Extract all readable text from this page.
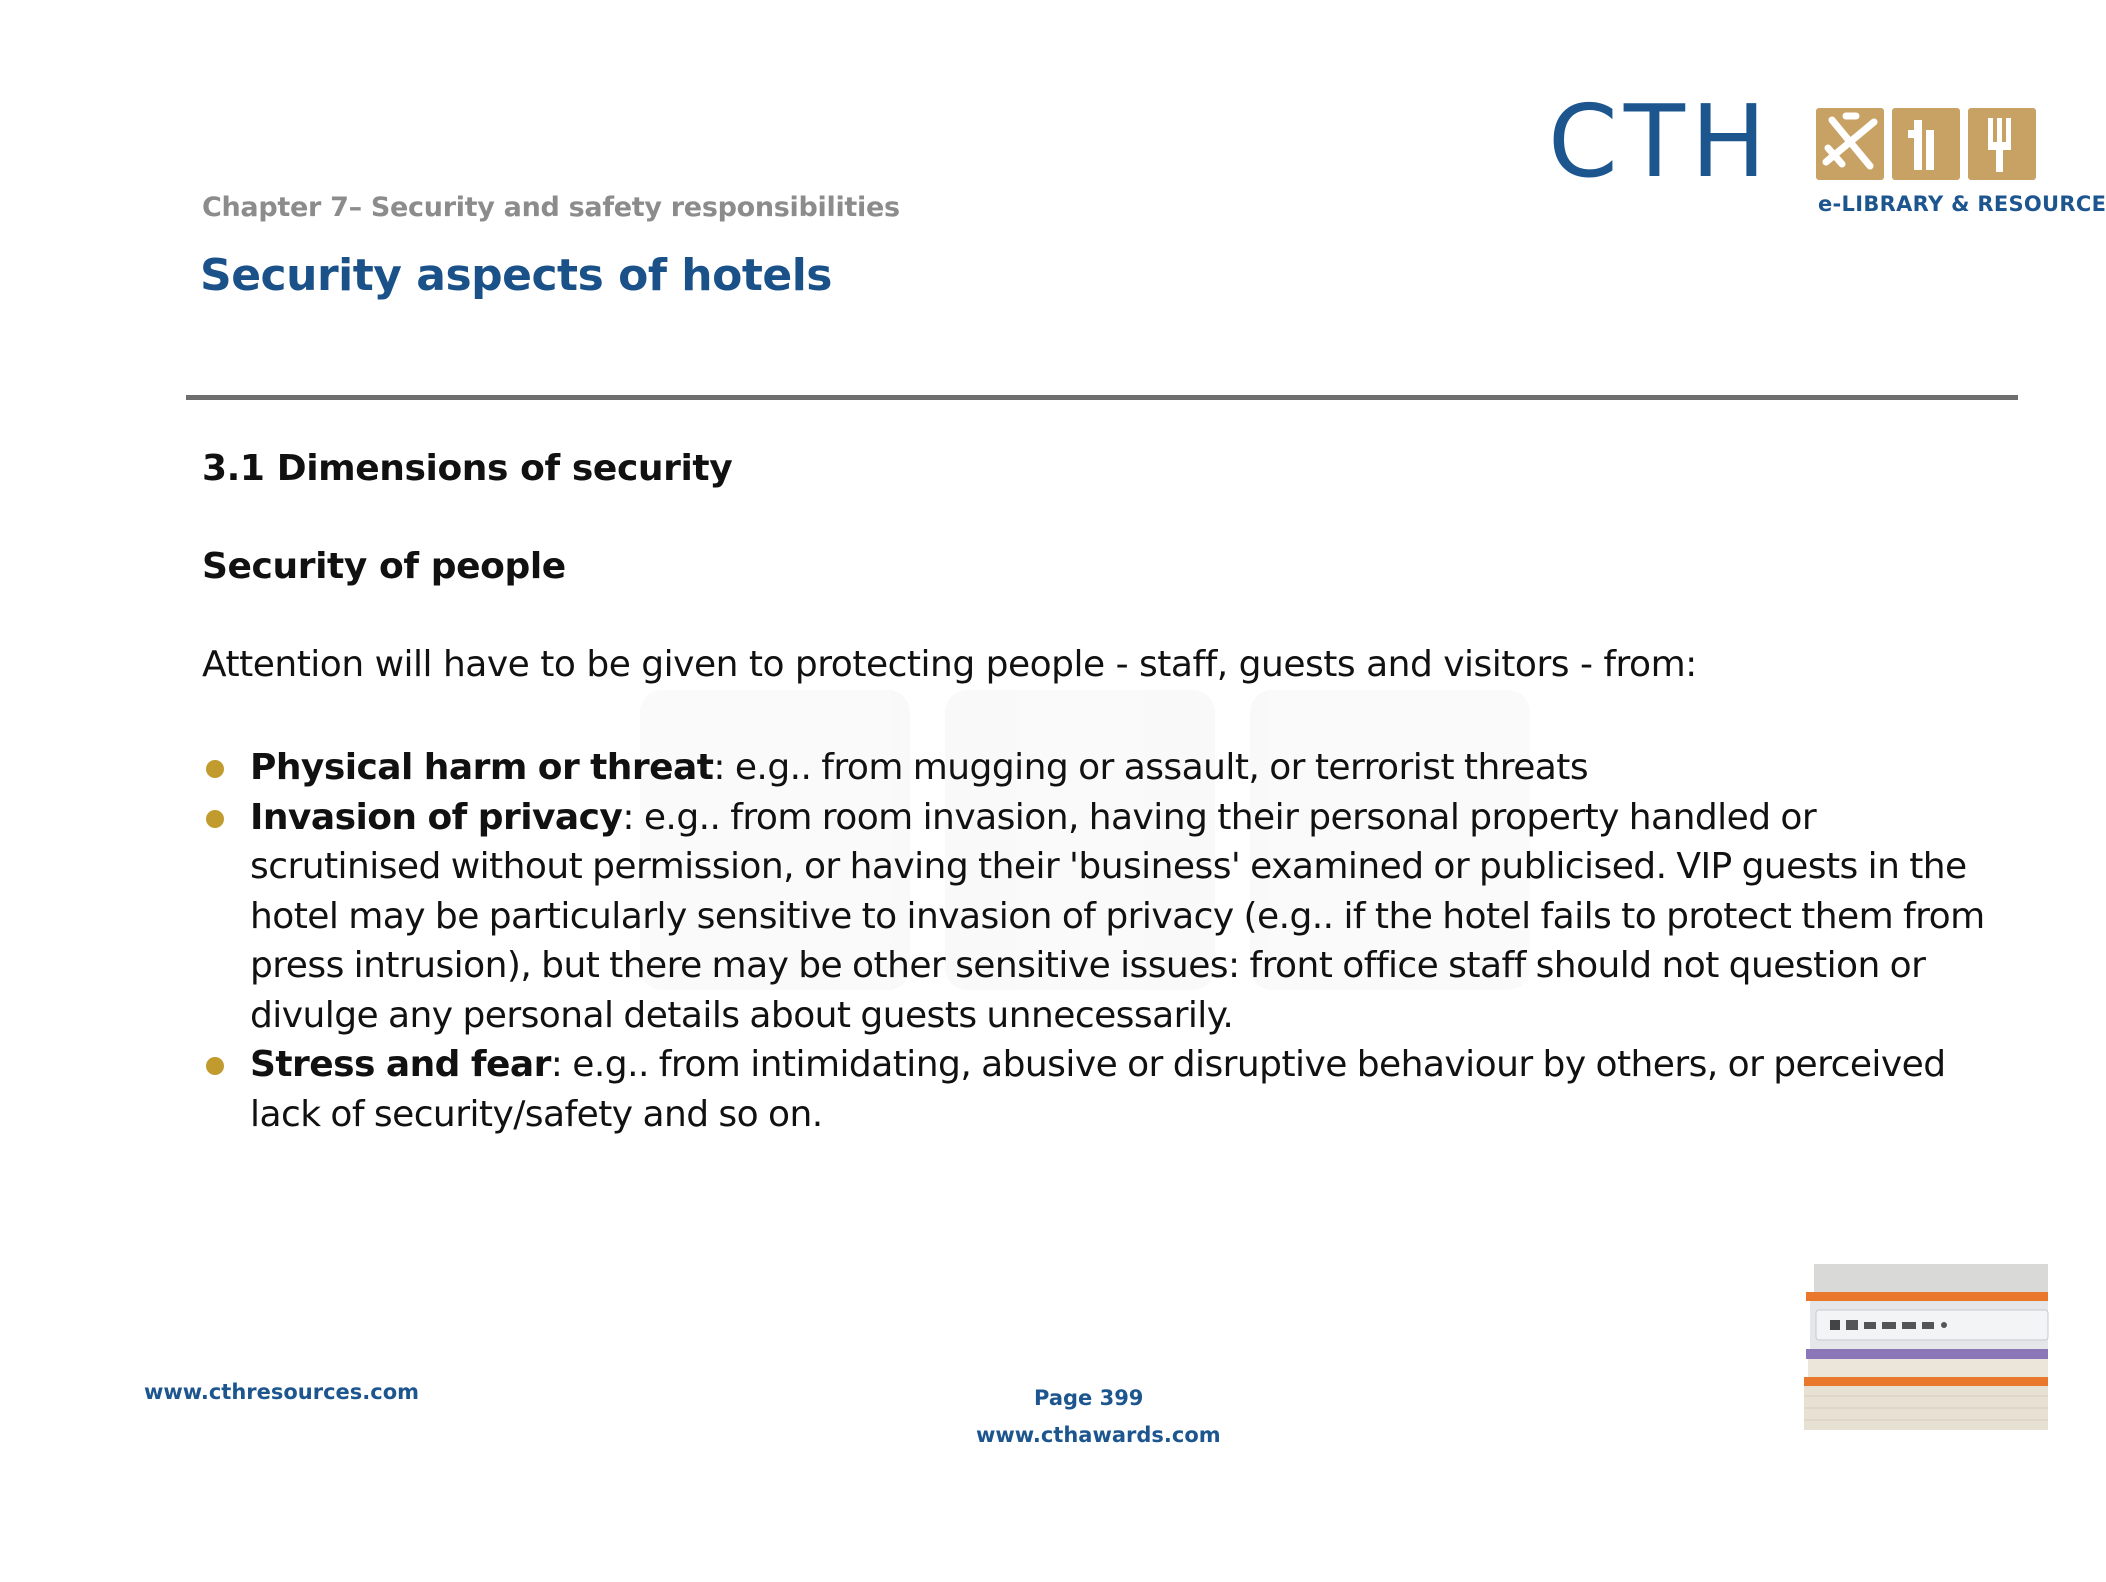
Chapter 7– Security and safety responsibilities
Security aspects of hotels
CTH
e-LIBRARY & RESOURCE
3.1 Dimensions of security
Security of people
Attention will have to be given to protecting people - staff, guests and visitors - from:
Physical harm or threat: e.g.. from mugging or assault, or terrorist threats
Invasion of privacy: e.g.. from room invasion, having their personal property handled or scrutinised without permission, or having their 'business' examined or publicised. VIP guests in the hotel may be particularly sensitive to invasion of privacy (e.g.. if the hotel fails to protect them from press intrusion), but there may be other sensitive issues: front office staff should not question or divulge any personal details about guests unnecessarily.
Stress and fear: e.g.. from intimidating, abusive or disruptive behaviour by others, or perceived lack of security/safety and so on.
www.cthresources.com	Page 399
www.cthawards.com
